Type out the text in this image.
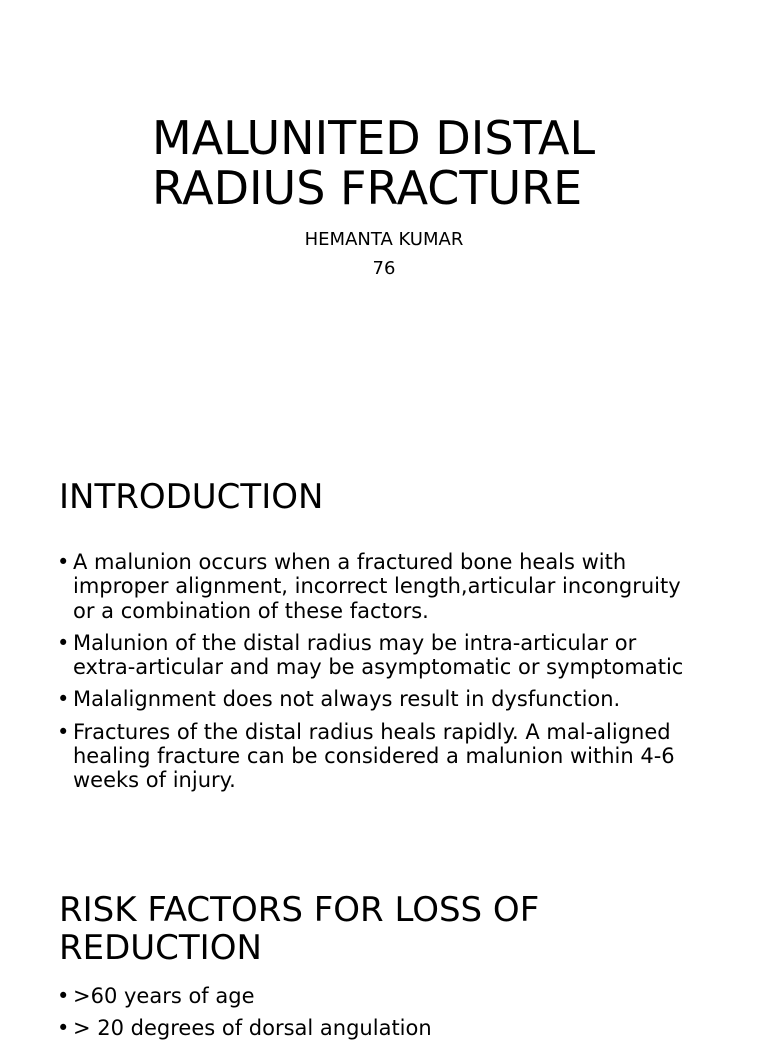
MALUNITED DISTAL
RADIUS FRACTURE
HEMANTA KUMAR
76
INTRODUCTION
• A malunion occurs when a fractured bone heals with improper alignment, incorrect length,articular incongruity or a combination of these factors.
• Malunion of the distal radius may be intra-articular or extra-articular and may be asymptomatic or symptomatic
• Malalignment does not always result in dysfunction.
• Fractures of the distal radius heals rapidly. A mal-aligned healing fracture can be considered a malunion within 4-6 weeks of injury.
RISK FACTORS FOR LOSS OF
REDUCTION
• >60 years of age
• > 20 degrees of dorsal angulation
